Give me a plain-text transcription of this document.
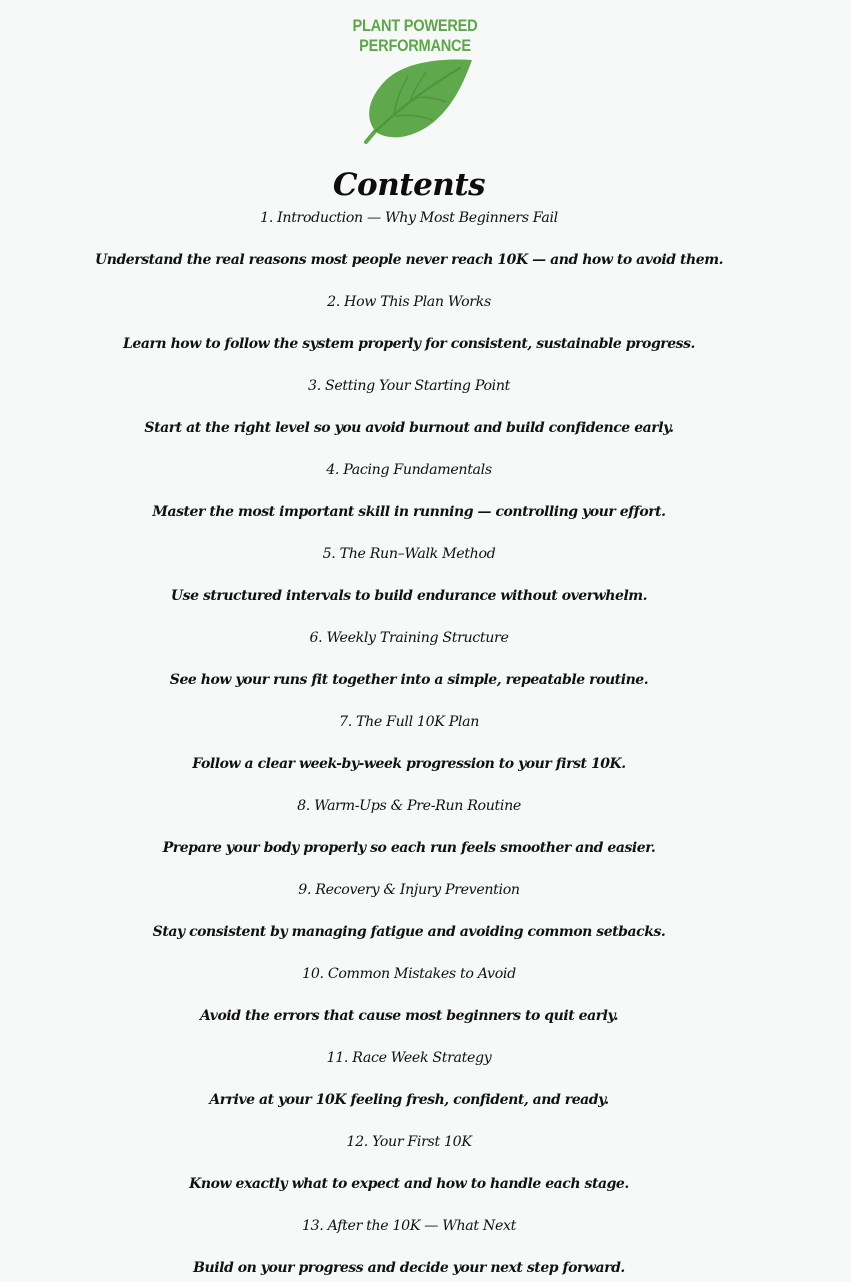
PLANT POWERED
PERFORMANCE
Contents
1. Introduction — Why Most Beginners Fail
Understand the real reasons most people never reach 10K — and how to avoid them.
2. How This Plan Works
Learn how to follow the system properly for consistent, sustainable progress.
3. Setting Your Starting Point
Start at the right level so you avoid burnout and build confidence early.
4. Pacing Fundamentals
Master the most important skill in running — controlling your effort.
5. The Run–Walk Method
Use structured intervals to build endurance without overwhelm.
6. Weekly Training Structure
See how your runs fit together into a simple, repeatable routine.
7. The Full 10K Plan
Follow a clear week-by-week progression to your first 10K.
8. Warm-Ups & Pre-Run Routine
Prepare your body properly so each run feels smoother and easier.
9. Recovery & Injury Prevention
Stay consistent by managing fatigue and avoiding common setbacks.
10. Common Mistakes to Avoid
Avoid the errors that cause most beginners to quit early.
11. Race Week Strategy
Arrive at your 10K feeling fresh, confident, and ready.
12. Your First 10K
Know exactly what to expect and how to handle each stage.
13. After the 10K — What Next
Build on your progress and decide your next step forward.
